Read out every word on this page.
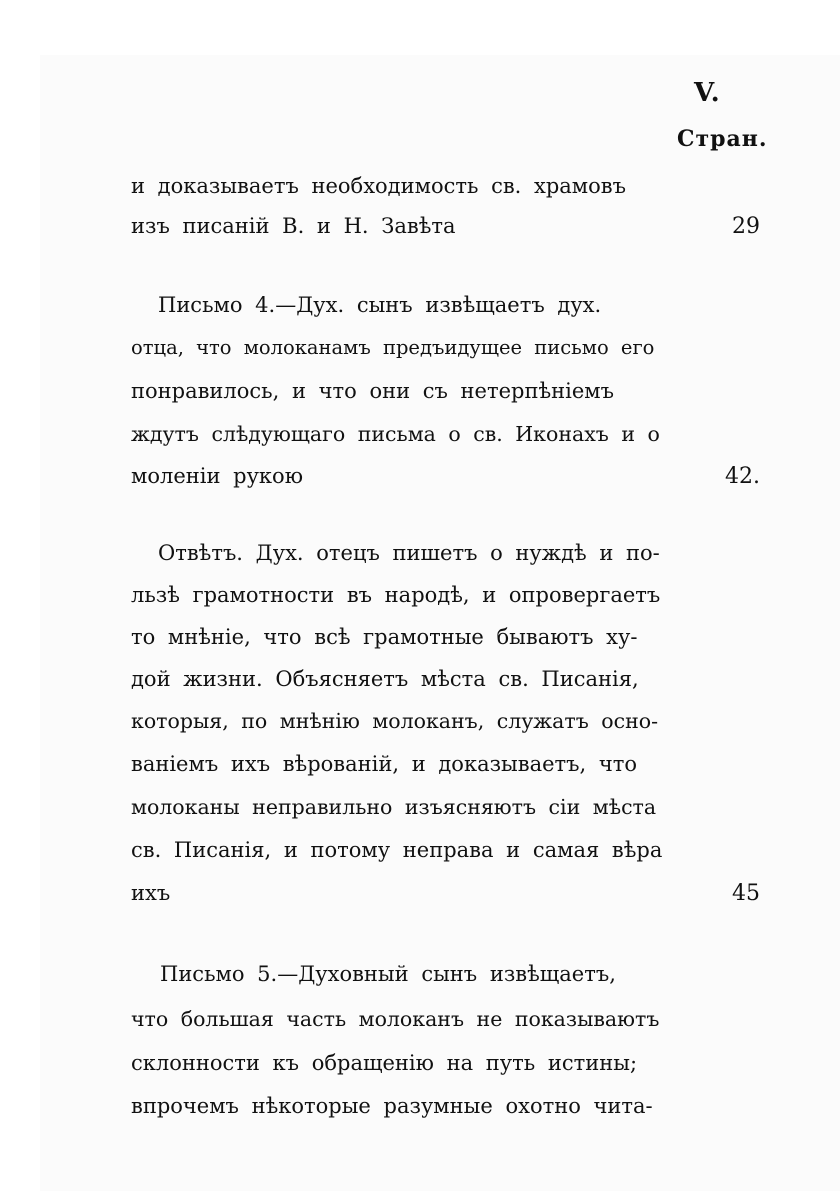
V.
Стран.
и доказываетъ необходимость св. храмовъ
изъ писаній В. и Н. Завѣта	29
Письмо 4.—Дух. сынъ извѣщаетъ дух.
отца, что молоканамъ предъидущее письмо его
понравилось, и что они съ нетерпѣніемъ
ждутъ слѣдующаго письма о св. Иконахъ и о
моленіи рукою	42.
Отвѣтъ. Дух. отецъ пишетъ о нуждѣ и по-
льзѣ грамотности въ народѣ, и опровергаетъ
то мнѣніе, что всѣ грамотные бываютъ ху-
дой жизни. Объясняетъ мѣста св. Писанія,
которыя, по мнѣнію молоканъ, служатъ осно-
ваніемъ ихъ вѣрованій, и доказываетъ, что
молоканы неправильно изъясняютъ сіи мѣста
св. Писанія, и потому неправа и самая вѣра
ихъ	45
Письмо 5.—Духовный сынъ извѣщаетъ,
что большая часть молоканъ не показываютъ
склонности къ обращенію на путь истины;
впрочемъ нѣкоторые разумные охотно чита-
